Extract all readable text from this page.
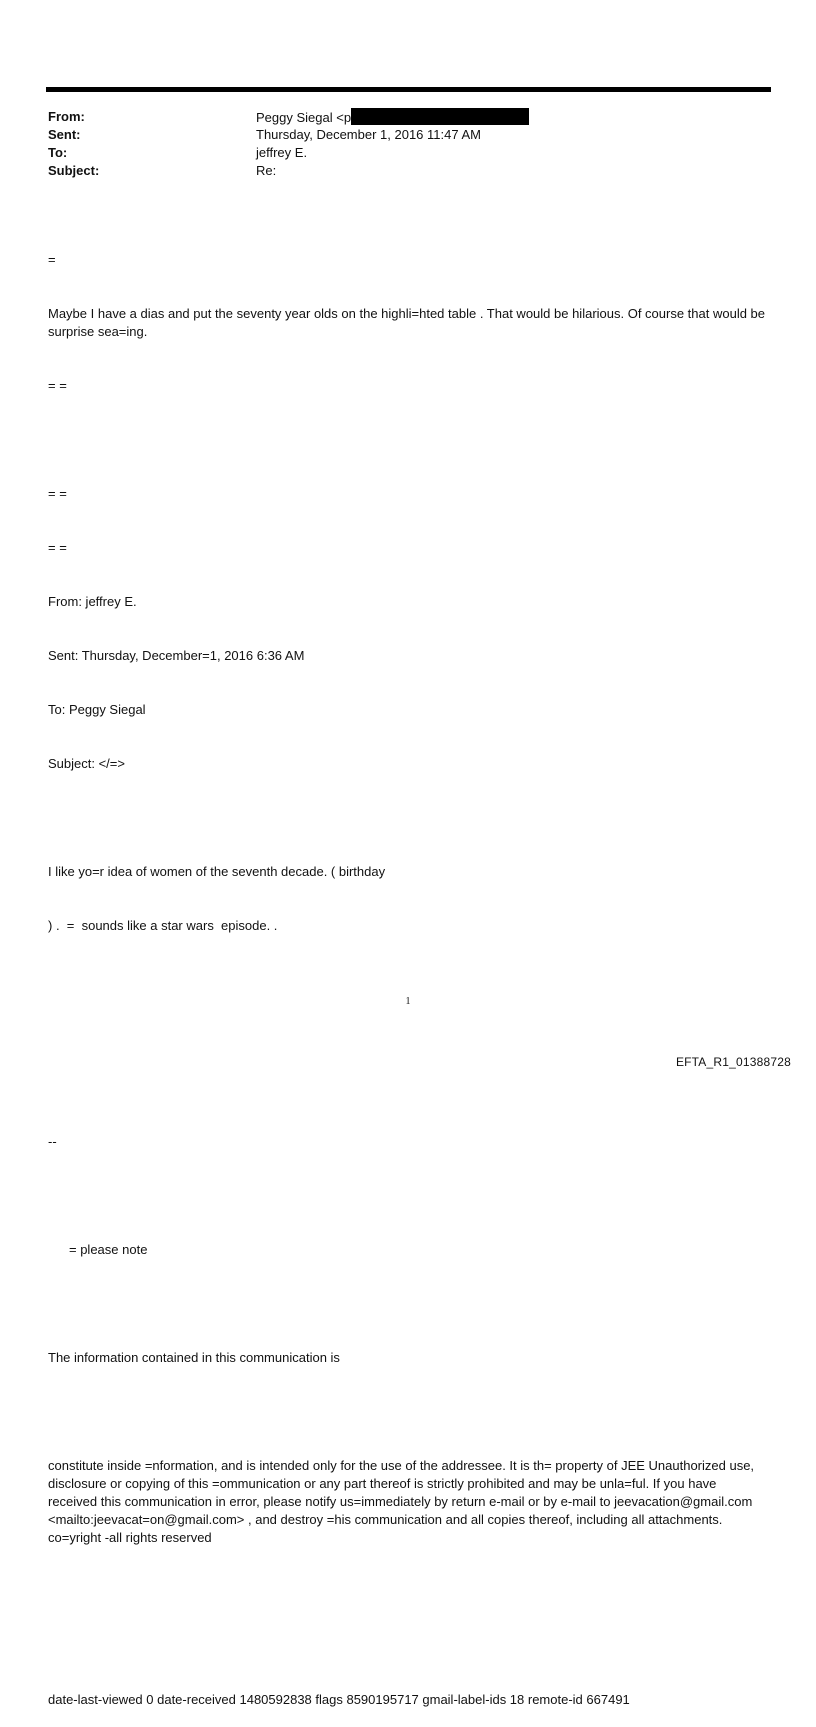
From:	Peggy Siegal <p
Sent:	Thursday, December 1, 2016 11:47 AM
To:	jeffrey E.
Subject:	Re:

=

Maybe I have a dias and put the seventy year olds on the highli=hted table . That would be hilarious. Of course that would be surprise sea=ing.

= =

= =

= =

From: jeffrey E.

Sent: Thursday, December=1, 2016 6:36 AM

To: Peggy Siegal

Subject: </=>

I like yo=r idea of women of the seventh decade. ( birthday

) .  =  sounds like a star wars  episode. .

--

= please note

The information contained in this communication is

constitute inside =nformation, and is intended only for the use of the addressee. It is th= property of JEE Unauthorized use, disclosure or copying of this =ommunication or any part thereof is strictly prohibited and may be unla=ful. If you have received this communication in error, please notify us=immediately by return e-mail or by e-mail to jeevacation@gmail.com <mailto:jeevacat=on@gmail.com> , and destroy =his communication and all copies thereof, including all attachments. co=yright -all rights reserved

date-last-viewed 0 date-received 1480592838 flags 8590195717 gmail-label-ids 18 remote-id 667491

1
EFTA_R1_01388728
